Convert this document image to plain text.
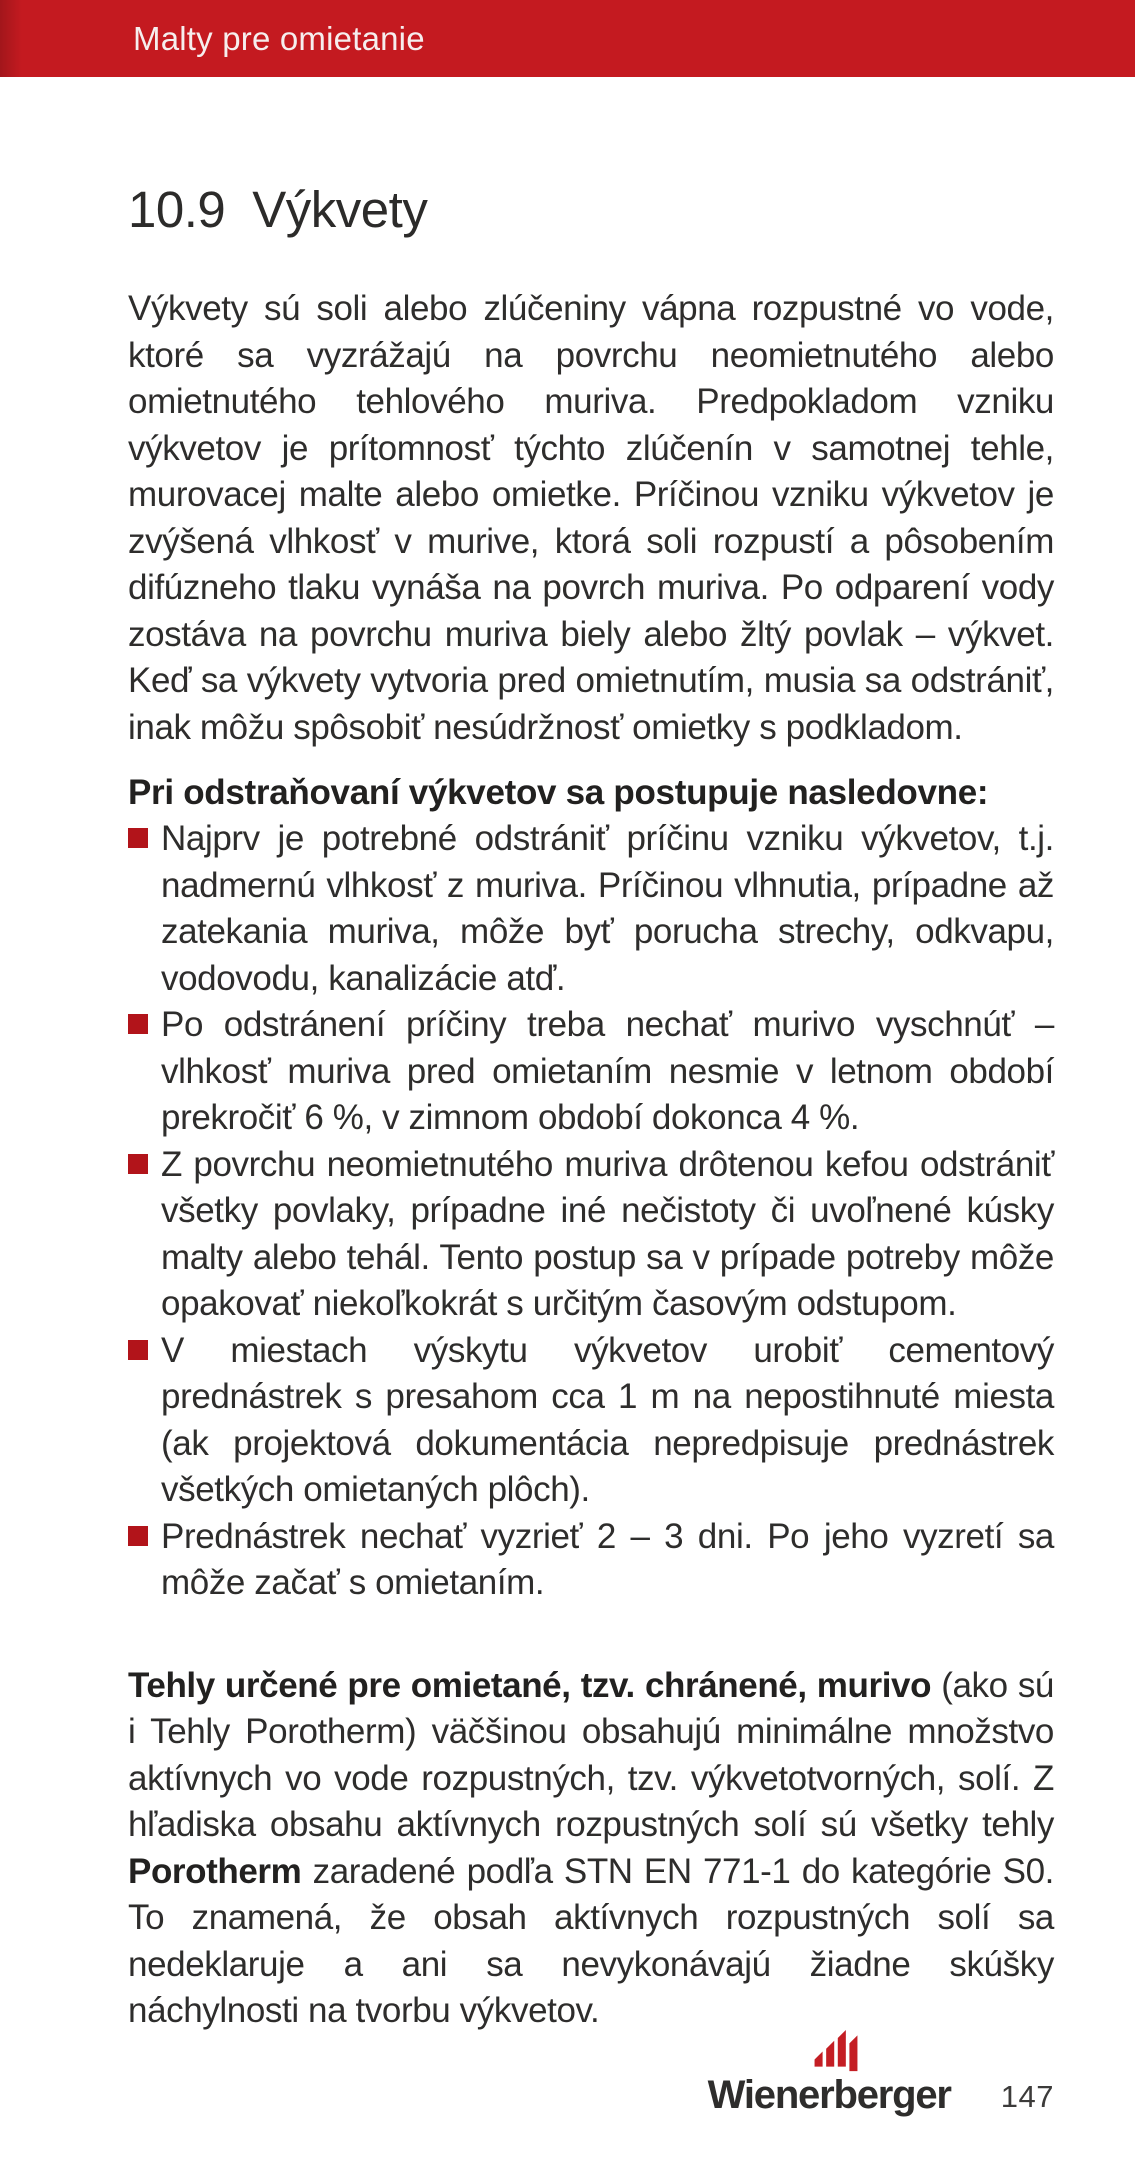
Malty pre omietanie
10.9 Výkvety

Výkvety sú soli alebo zlúčeniny vápna rozpustné vo vode, ktoré sa vyzrážajú na povrchu neomietnutého alebo omietnutého tehlového muriva. Predpokladom vzniku výkvetov je prítomnosť týchto zlúčenín v samotnej tehle, murovacej malte alebo omietke. Príčinou vzniku výkvetov je zvýšená vlhkosť v murive, ktorá soli rozpustí a pôsobením difúzneho tlaku vynáša na povrch muriva. Po odparení vody zostáva na povrchu muriva biely alebo žltý povlak – výkvet. Keď sa výkvety vytvoria pred omietnutím, musia sa odstrániť, inak môžu spôsobiť nesúdržnosť omietky s podkladom.

Pri odstraňovaní výkvetov sa postupuje nasledovne:

Najprv je potrebné odstrániť príčinu vzniku výkvetov, t.j. nadmernú vlhkosť z muriva. Príčinou vlhnutia, prípadne až zatekania muriva, môže byť porucha strechy, odkvapu, vodovodu, kanalizácie atď.
Po odstránení príčiny treba nechať murivo vyschnúť – vlhkosť muriva pred omietaním nesmie v letnom období prekročiť 6 %, v zimnom období dokonca 4 %.
Z povrchu neomietnutého muriva drôtenou kefou odstrániť všetky povlaky, prípadne iné nečistoty či uvoľnené kúsky malty alebo tehál. Tento postup sa v prípade potreby môže opakovať niekoľkokrát s určitým časovým odstupom.
V miestach výskytu výkvetov urobiť cementový prednástrek s presahom cca 1 m na nepostihnuté miesta (ak projektová dokumentácia nepredpisuje prednástrek všetkých omietaných plôch).
Prednástrek nechať vyzrieť 2 – 3 dni. Po jeho vyzretí sa môže začať s omietaním.

Tehly určené pre omietané, tzv. chránené, murivo (ako sú i Tehly Porotherm) väčšinou obsahujú minimálne množstvo aktívnych vo vode rozpustných, tzv. výkvetotvorných, solí. Z hľadiska obsahu aktívnych rozpustných solí sú všetky tehly Porotherm zaradené podľa STN EN 771-1 do kategórie S0. To znamená, že obsah aktívnych rozpustných solí sa nedeklaruje a ani sa nevykonávajú žiadne skúšky náchylnosti na tvorbu výkvetov.

Wienerberger 147
